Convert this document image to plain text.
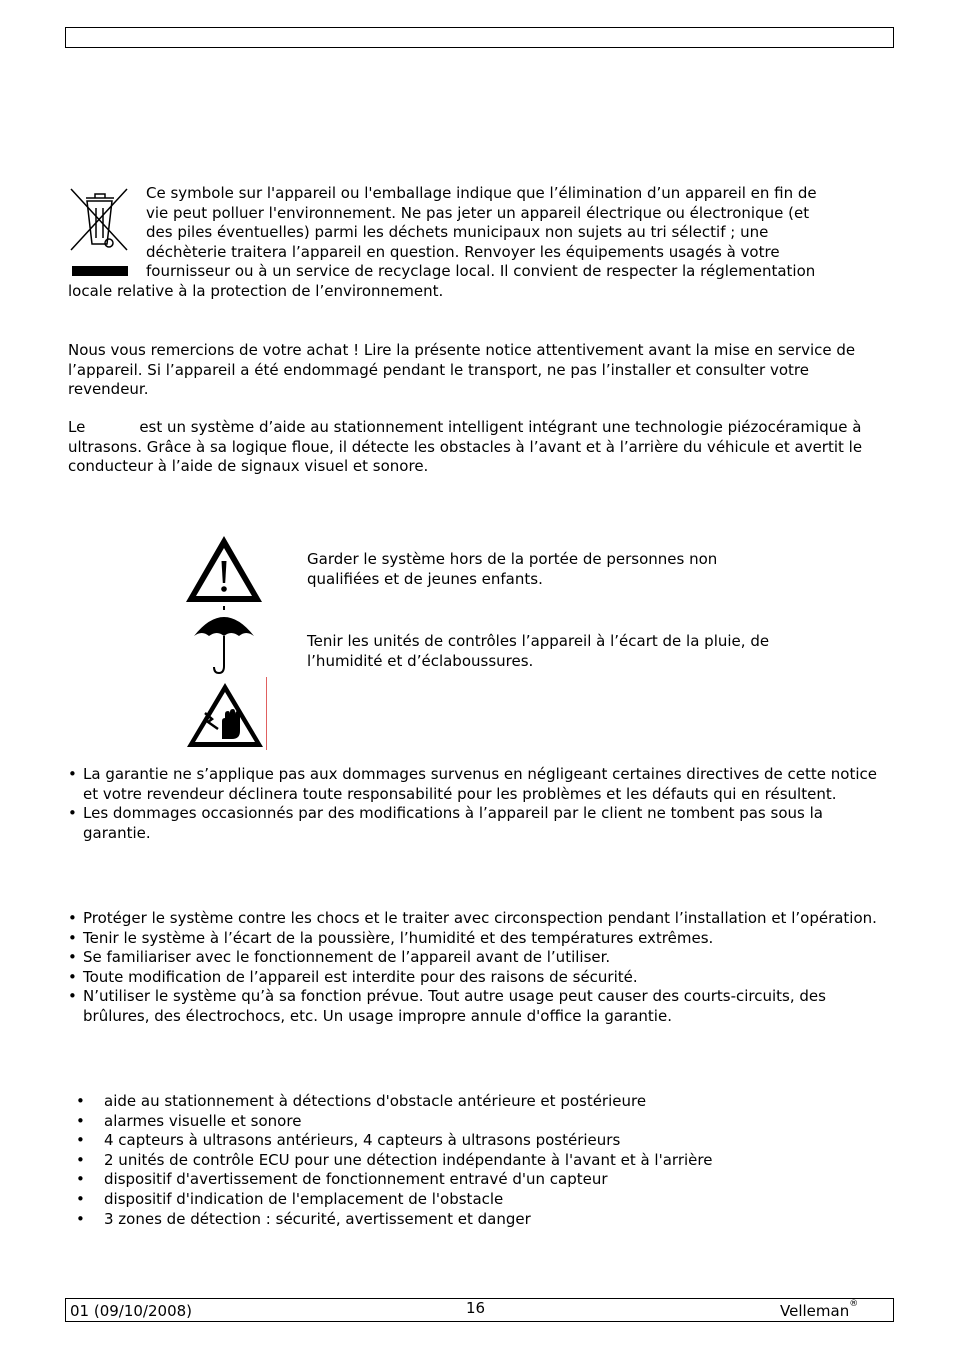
Ce symbole sur l'appareil ou l'emballage indique que l’élimination d’un appareil en fin de
vie peut polluer l'environnement. Ne pas jeter un appareil électrique ou électronique (et
des piles éventuelles) parmi les déchets municipaux non sujets au tri sélectif ; une
déchèterie traitera l’appareil en question. Renvoyer les équipements usagés à votre
fournisseur ou à un service de recyclage local. Il convient de respecter la réglementation
locale relative à la protection de l’environnement.

Nous vous remercions de votre achat ! Lire la présente notice attentivement avant la mise en service de l’appareil. Si l’appareil a été endommagé pendant le transport, ne pas l’installer et consulter votre revendeur.

Le	est un système d’aide au stationnement intelligent intégrant une technologie piézocéramique à ultrasons. Grâce à sa logique floue, il détecte les obstacles à l’avant et à l’arrière du véhicule et avertit le conducteur à l’aide de signaux visuel et sonore.

Garder le système hors de la portée de personnes non qualifiées et de jeunes enfants.
Tenir les unités de contrôles l’appareil à l’écart de la pluie, de l’humidité et d’éclaboussures.
• La garantie ne s’applique pas aux dommages survenus en négligeant certaines directives de cette notice et votre revendeur déclinera toute responsabilité pour les problèmes et les défauts qui en résultent.
• Les dommages occasionnés par des modifications à l’appareil par le client ne tombent pas sous la garantie.
• Protéger le système contre les chocs et le traiter avec circonspection pendant l’installation et l’opération.
• Tenir le système à l’écart de la poussière, l’humidité et des températures extrêmes.
• Se familiariser avec le fonctionnement de l’appareil avant de l’utiliser.
• Toute modification de l’appareil est interdite pour des raisons de sécurité.
• N’utiliser le système qu’à sa fonction prévue. Tout autre usage peut causer des courts-circuits, des brûlures, des électrochocs, etc. Un usage impropre annule d'office la garantie.
• aide au stationnement à détections d'obstacle antérieure et postérieure
• alarmes visuelle et sonore
• 4 capteurs à ultrasons antérieurs, 4 capteurs à ultrasons postérieurs
• 2 unités de contrôle ECU pour une détection indépendante à l'avant et à l'arrière
• dispositif d'avertissement de fonctionnement entravé d'un capteur
• dispositif d'indication de l'emplacement de l'obstacle
• 3 zones de détection : sécurité, avertissement et danger
01 (09/10/2008)	16	Velleman®
